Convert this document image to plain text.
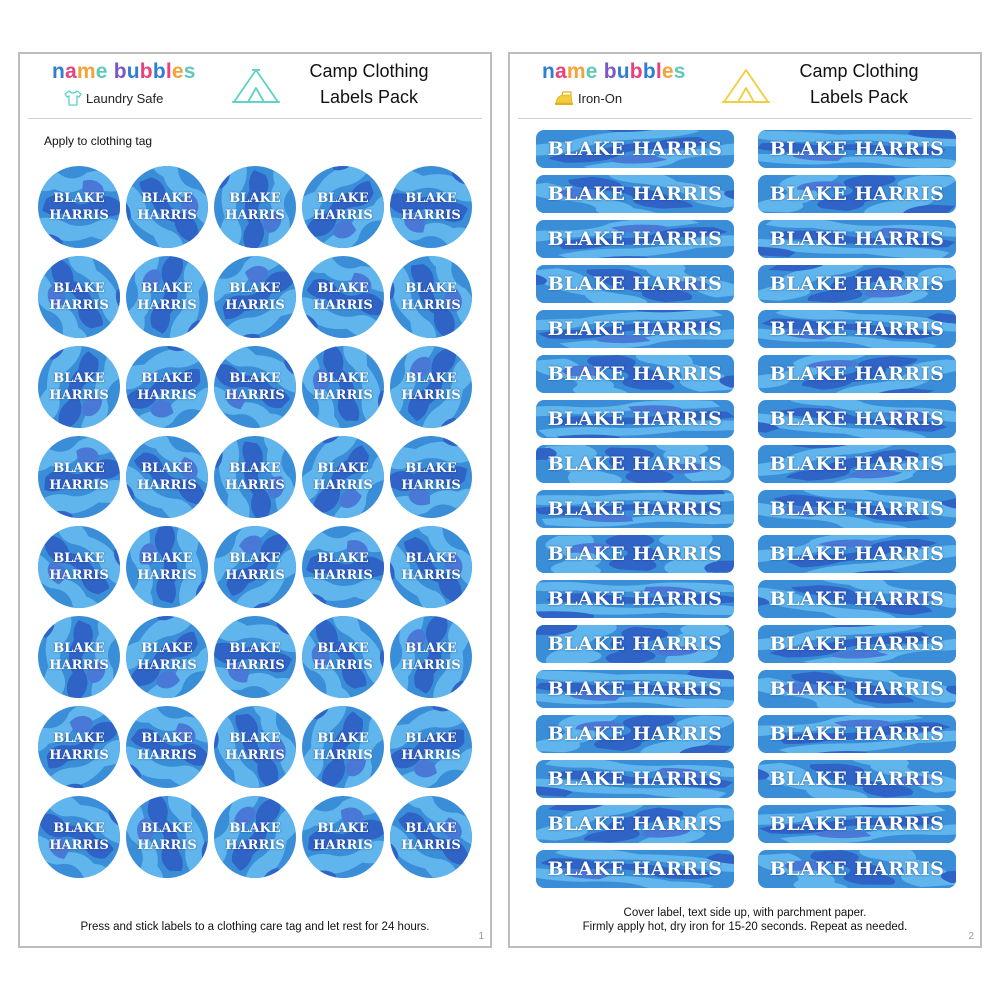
name bubbles
Laundry Safe
Camp Clothing
Labels Pack
Apply to clothing tag
BLAKE
HARRIS
BLAKE
HARRIS
BLAKE
HARRIS
BLAKE
HARRIS
BLAKE
HARRIS
BLAKE
HARRIS
BLAKE
HARRIS
BLAKE
HARRIS
BLAKE
HARRIS
BLAKE
HARRIS
BLAKE
HARRIS
BLAKE
HARRIS
BLAKE
HARRIS
BLAKE
HARRIS
BLAKE
HARRIS
BLAKE
HARRIS
BLAKE
HARRIS
BLAKE
HARRIS
BLAKE
HARRIS
BLAKE
HARRIS
BLAKE
HARRIS
BLAKE
HARRIS
BLAKE
HARRIS
BLAKE
HARRIS
BLAKE
HARRIS
BLAKE
HARRIS
BLAKE
HARRIS
BLAKE
HARRIS
BLAKE
HARRIS
BLAKE
HARRIS
BLAKE
HARRIS
BLAKE
HARRIS
BLAKE
HARRIS
BLAKE
HARRIS
BLAKE
HARRIS
BLAKE
HARRIS
BLAKE
HARRIS
BLAKE
HARRIS
BLAKE
HARRIS
BLAKE
HARRIS
Press and stick labels to a clothing care tag and let rest for 24 hours.
1
name bubbles
Iron-On
Camp Clothing
Labels Pack
BLAKE HARRIS BLAKE HARRIS
BLAKE HARRIS BLAKE HARRIS
BLAKE HARRIS BLAKE HARRIS
BLAKE HARRIS BLAKE HARRIS
BLAKE HARRIS BLAKE HARRIS
BLAKE HARRIS BLAKE HARRIS
BLAKE HARRIS BLAKE HARRIS
BLAKE HARRIS BLAKE HARRIS
BLAKE HARRIS BLAKE HARRIS
BLAKE HARRIS BLAKE HARRIS
BLAKE HARRIS BLAKE HARRIS
BLAKE HARRIS BLAKE HARRIS
BLAKE HARRIS BLAKE HARRIS
BLAKE HARRIS BLAKE HARRIS
BLAKE HARRIS BLAKE HARRIS
BLAKE HARRIS BLAKE HARRIS
BLAKE HARRIS BLAKE HARRIS
Cover label, text side up, with parchment paper.
Firmly apply hot, dry iron for 15-20 seconds. Repeat as needed.
2
